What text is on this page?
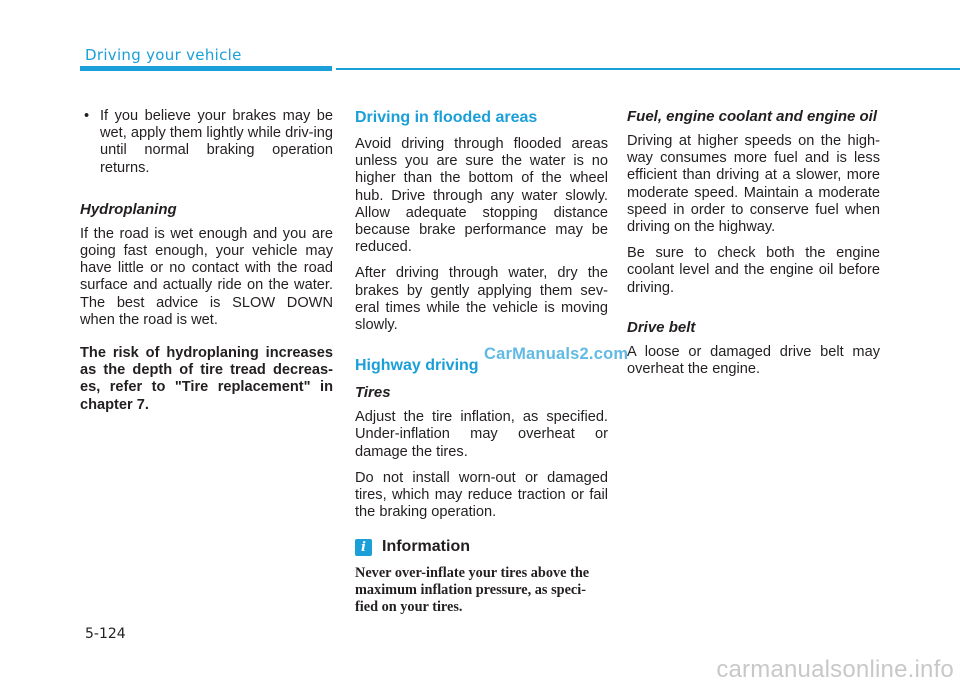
Driving your vehicle
• If you believe your brakes may be wet, apply them lightly while driv-ing until normal braking operation returns.

Hydroplaning

If the road is wet enough and you are going fast enough, your vehicle may have little or no contact with the road surface and actually ride on the water. The best advice is SLOW DOWN when the road is wet.

The risk of hydroplaning increases as the depth of tire tread decreas-es, refer to "Tire replacement" in chapter 7.

Driving in flooded areas

Avoid driving through flooded areas unless you are sure the water is no higher than the bottom of the wheel hub. Drive through any water slowly. Allow adequate stopping distance because brake performance may be reduced.

After driving through water, dry the brakes by gently applying them sev-eral times while the vehicle is moving slowly.

Highway driving
Tires

Adjust the tire inflation, as specified. Under-inflation may overheat or damage the tires.

Do not install worn-out or damaged tires, which may reduce traction or fail the braking operation.

i	Information

Never over-inflate your tires above the maximum inflation pressure, as speci-fied on your tires.

Fuel, engine coolant and engine oil

Driving at higher speeds on the high-way consumes more fuel and is less efficient than driving at a slower, more moderate speed. Maintain a moderate speed in order to conserve fuel when driving on the highway.

Be sure to check both the engine coolant level and the engine oil before driving.

Drive belt

A loose or damaged drive belt may overheat the engine.

CarManuals2.com
5-124
carmanualsonline.info
